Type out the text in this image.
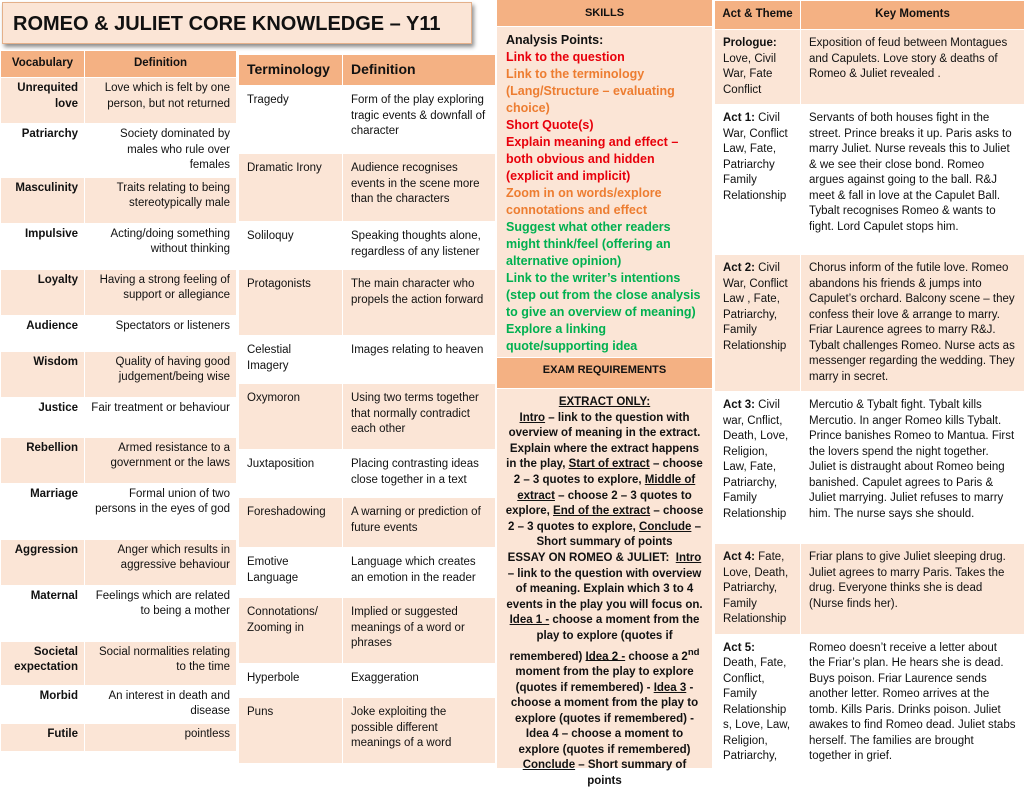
ROMEO & JULIET CORE KNOWLEDGE – Y11
Vocabulary	Definition
Unrequited love	Love which is felt by one person, but not returned
Patriarchy	Society dominated by males who rule over females
Masculinity	Traits relating to being stereotypically male
Impulsive	Acting/doing something without thinking
Loyalty	Having a strong feeling of support or allegiance
Audience	Spectators or listeners
Wisdom	Quality of having good judgement/being wise
Justice	Fair treatment or behaviour
Rebellion	Armed resistance to a government or the laws
Marriage	Formal union of two persons in the eyes of god
Aggression	Anger which results in aggressive behaviour
Maternal	Feelings which are related to being a mother
Societal expectation	Social normalities relating to the time
Morbid	An interest in death and disease
Futile	pointless
Terminology	Definition
Tragedy	Form of the play exploring tragic events & downfall of character
Dramatic Irony	Audience recognises events in the scene more than the characters
Soliloquy	Speaking thoughts alone, regardless of any listener
Protagonists	The main character who propels the action forward
Celestial Imagery	Images relating to heaven
Oxymoron	Using two terms together that normally contradict each other
Juxtaposition	Placing contrasting ideas close together in a text
Foreshadowing	A warning or prediction of future events
Emotive Language	Language which creates an emotion in the reader
Connotations/ Zooming in	Implied or suggested meanings of a word or phrases
Hyperbole	Exaggeration
Puns	Joke exploiting the possible different meanings of a word
SKILLS
Analysis Points:
Link to the question
Link to the terminology (Lang/Structure – evaluating choice)
Short Quote(s)
Explain meaning and effect – both obvious and hidden (explicit and implicit)
Zoom in on words/explore connotations and effect
Suggest what other readers might think/feel (offering an alternative opinion)
Link to the writer’s intentions (step out from the close analysis to give an overview of meaning)
Explore a linking quote/supporting idea
EXAM REQUIREMENTS
EXTRACT ONLY:
Intro – link to the question with overview of meaning in the extract. Explain where the extract happens in the play, Start of extract – choose 2 – 3 quotes to explore, Middle of extract – choose 2 – 3 quotes to explore, End of the extract – choose 2 – 3 quotes to explore, Conclude – Short summary of points
ESSAY ON ROMEO & JULIET: Intro – link to the question with overview of meaning. Explain which 3 to 4 events in the play you will focus on. Idea 1 - choose a moment from the play to explore (quotes if remembered) Idea 2 - choose a 2nd moment from the play to explore (quotes if remembered) - Idea 3 - choose a moment from the play to explore (quotes if remembered) - Idea 4 – choose a moment to explore (quotes if remembered)
Conclude – Short summary of points
Act & Theme	Key Moments
Prologue: Love, Civil War, Fate Conflict	Exposition of feud between Montagues and Capulets. Love story & deaths of Romeo & Juliet revealed .
Act 1: Civil War, Conflict Law, Fate, Patriarchy Family Relationship	Servants of both houses fight in the street. Prince breaks it up. Paris asks to marry Juliet. Nurse reveals this to Juliet & we see their close bond. Romeo argues against going to the ball. R&J meet & fall in love at the Capulet Ball. Tybalt recognises Romeo & wants to fight. Lord Capulet stops him.
Act 2: Civil War, Conflict Law , Fate, Patriarchy, Family Relationship	Chorus inform of the futile love. Romeo abandons his friends & jumps into Capulet’s orchard. Balcony scene – they confess their love & arrange to marry. Friar Laurence agrees to marry R&J. Tybalt challenges Romeo. Nurse acts as messenger regarding the wedding. They marry in secret.
Act 3: Civil war, Cnflict, Death, Love, Religion, Law, Fate, Patriarchy, Family Relationship	Mercutio & Tybalt fight. Tybalt kills Mercutio. In anger Romeo kills Tybalt. Prince banishes Romeo to Mantua. First the lovers spend the night together. Juliet is distraught about Romeo being banished. Capulet agrees to Paris & Juliet marrying. Juliet refuses to marry him. The nurse says she should.
Act 4: Fate, Love, Death, Patriarchy, Family Relationship	Friar plans to give Juliet sleeping drug. Juliet agrees to marry Paris. Takes the drug. Everyone thinks she is dead (Nurse finds her).
Act 5: Death, Fate, Conflict, Family Relationship s, Love, Law, Religion, Patriarchy,	Romeo doesn’t receive a letter about the Friar’s plan. He hears she is dead. Buys poison. Friar Laurence sends another letter. Romeo arrives at the tomb. Kills Paris. Drinks poison. Juliet awakes to find Romeo dead. Juliet stabs herself. The families are brought together in grief.
